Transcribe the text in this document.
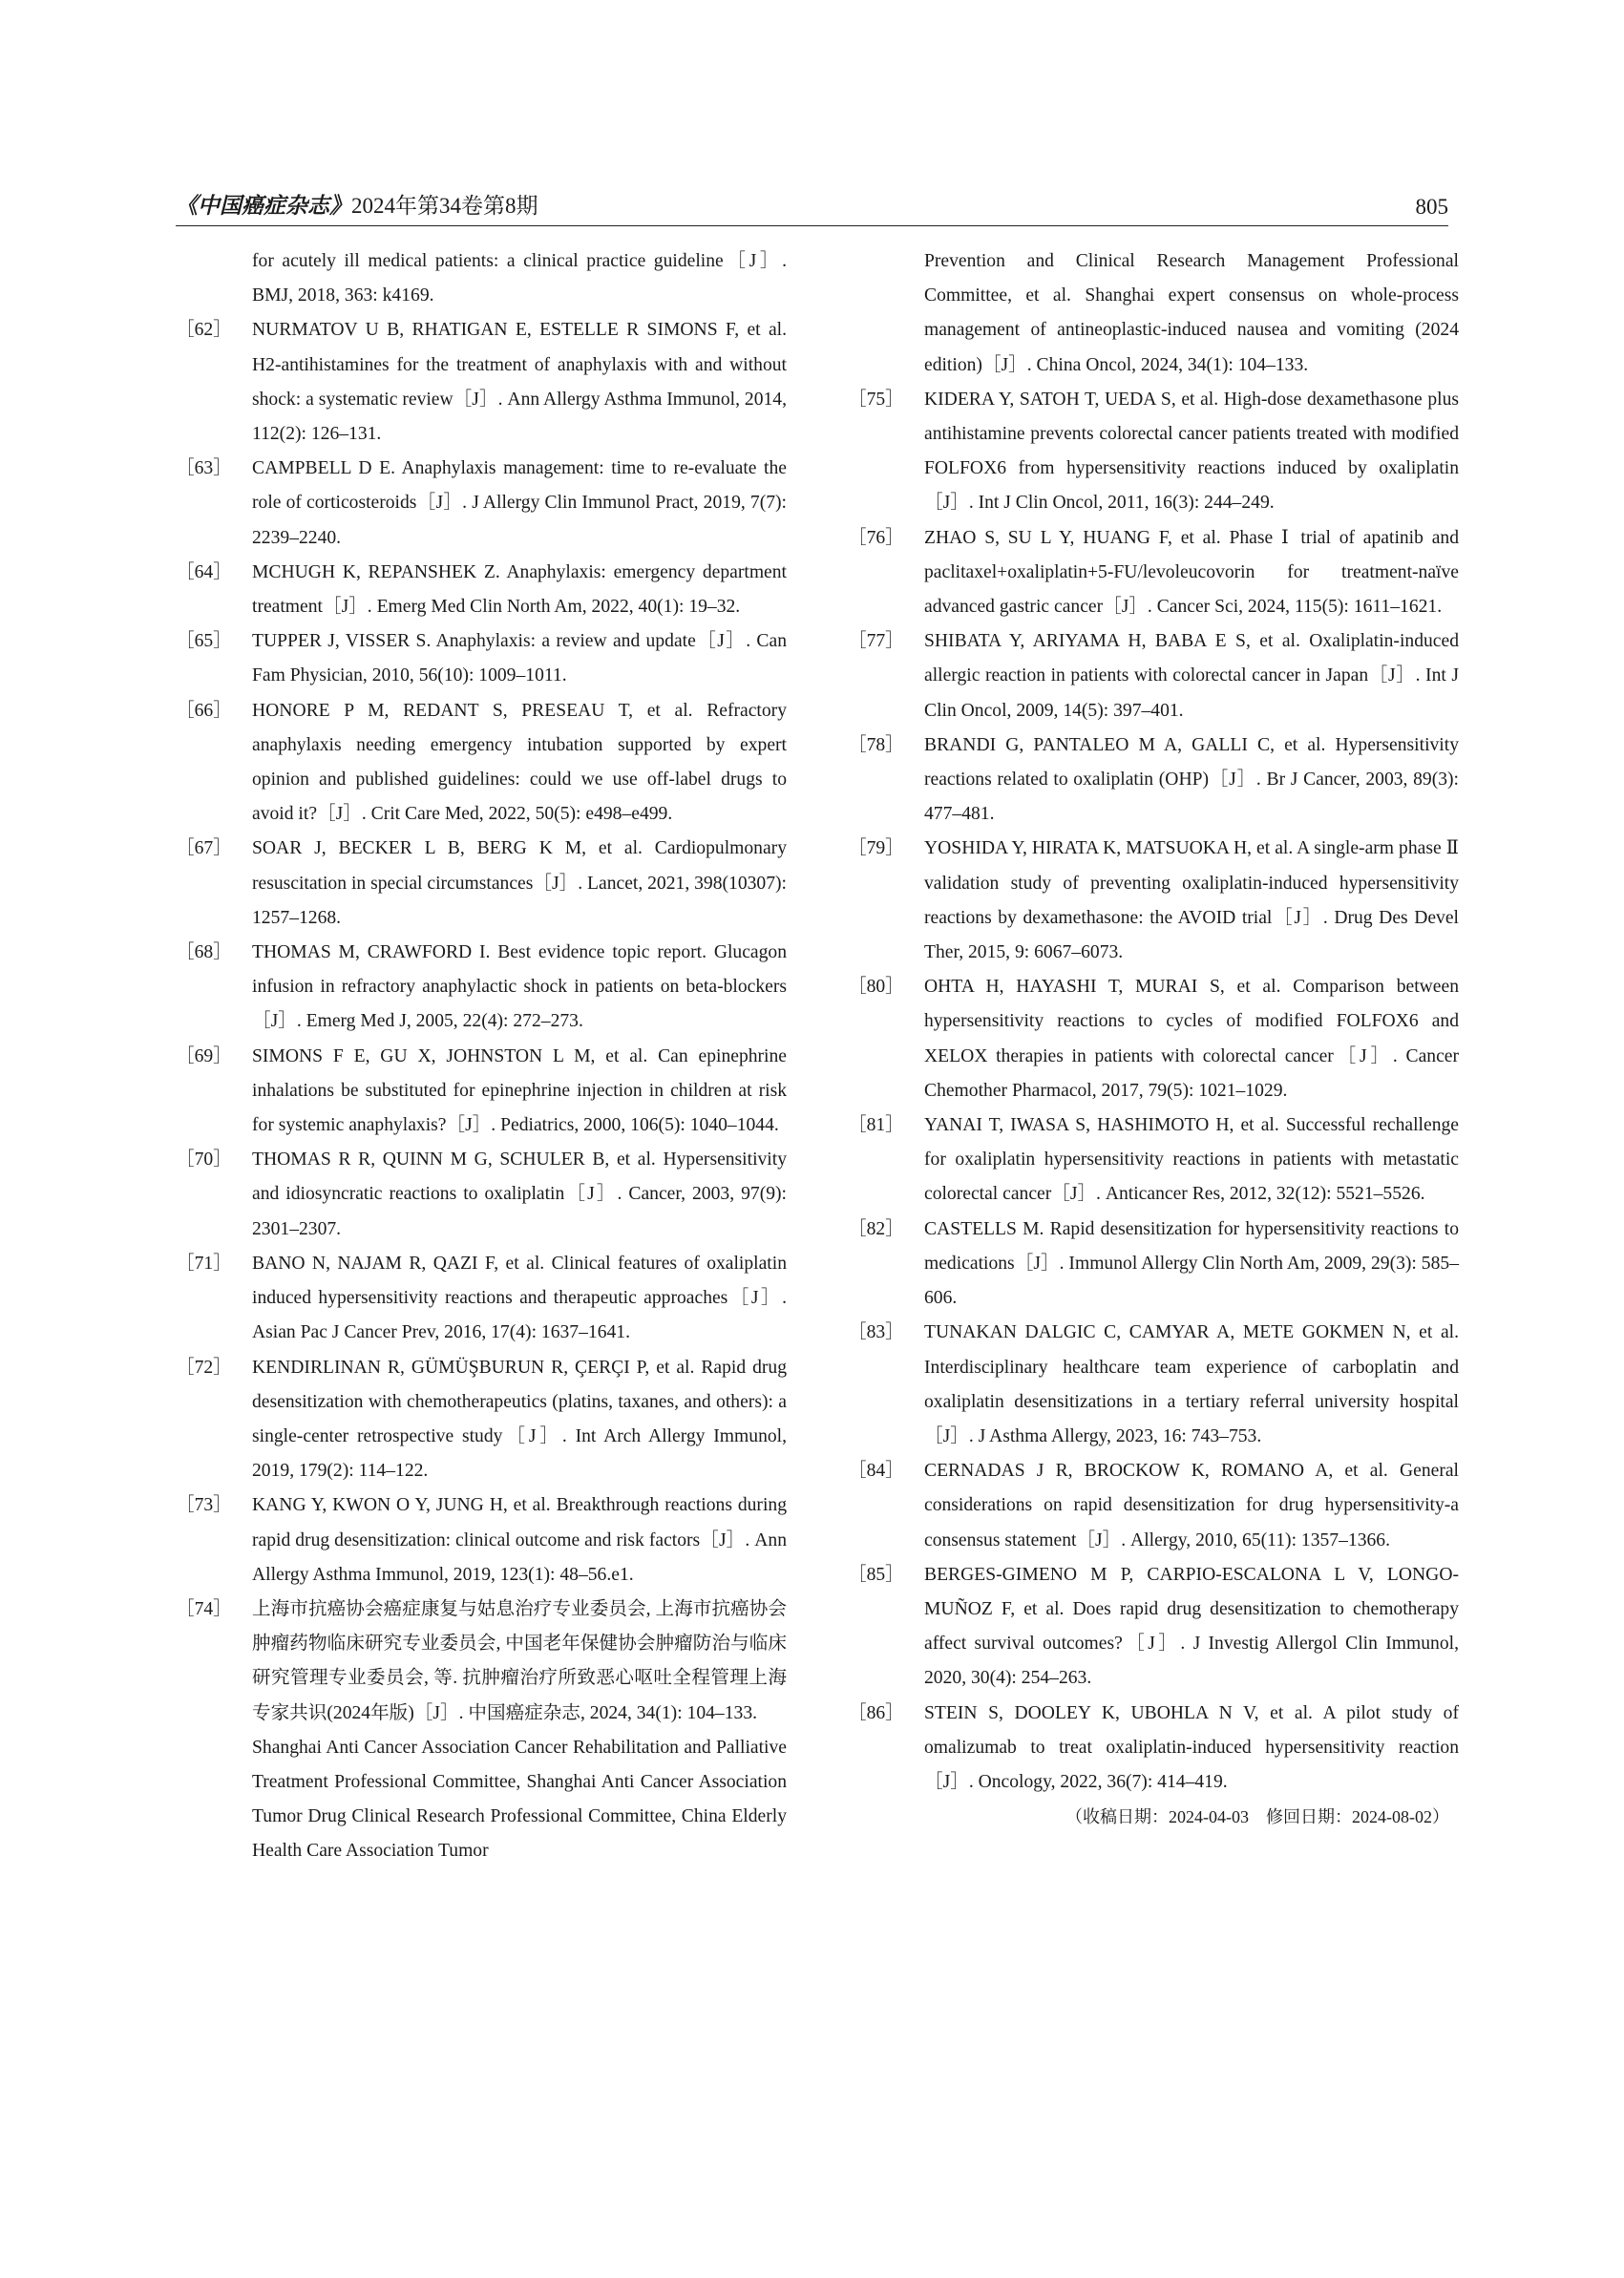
《中国癌症杂志》2024年第34卷第8期	805
for acutely ill medical patients: a clinical practice guideline［J］. BMJ, 2018, 363: k4169.
［62］	NURMATOV U B, RHATIGAN E, ESTELLE R SIMONS F, et al. H2-antihistamines for the treatment of anaphylaxis with and without shock: a systematic review［J］. Ann Allergy Asthma Immunol, 2014, 112(2): 126–131.
［63］	CAMPBELL D E. Anaphylaxis management: time to re-evaluate the role of corticosteroids［J］. J Allergy Clin Immunol Pract, 2019, 7(7): 2239–2240.
［64］	MCHUGH K, REPANSHEK Z. Anaphylaxis: emergency department treatment［J］. Emerg Med Clin North Am, 2022, 40(1): 19–32.
［65］	TUPPER J, VISSER S. Anaphylaxis: a review and update［J］. Can Fam Physician, 2010, 56(10): 1009–1011.
［66］	HONORE P M, REDANT S, PRESEAU T, et al. Refractory anaphylaxis needing emergency intubation supported by expert opinion and published guidelines: could we use off-label drugs to avoid it?［J］. Crit Care Med, 2022, 50(5): e498–e499.
［67］	SOAR J, BECKER L B, BERG K M, et al. Cardiopulmonary resuscitation in special circumstances［J］. Lancet, 2021, 398(10307): 1257–1268.
［68］	THOMAS M, CRAWFORD I. Best evidence topic report. Glucagon infusion in refractory anaphylactic shock in patients on beta-blockers［J］. Emerg Med J, 2005, 22(4): 272–273.
［69］	SIMONS F E, GU X, JOHNSTON L M, et al. Can epinephrine inhalations be substituted for epinephrine injection in children at risk for systemic anaphylaxis?［J］. Pediatrics, 2000, 106(5): 1040–1044.
［70］	THOMAS R R, QUINN M G, SCHULER B, et al. Hypersensitivity and idiosyncratic reactions to oxaliplatin［J］. Cancer, 2003, 97(9): 2301–2307.
［71］	BANO N, NAJAM R, QAZI F, et al. Clinical features of oxaliplatin induced hypersensitivity reactions and therapeutic approaches［J］. Asian Pac J Cancer Prev, 2016, 17(4): 1637–1641.
［72］	KENDIRLINAN R, GÜMÜŞBURUN R, ÇERÇI P, et al. Rapid drug desensitization with chemotherapeutics (platins, taxanes, and others): a single-center retrospective study［J］. Int Arch Allergy Immunol, 2019, 179(2): 114–122.
［73］	KANG Y, KWON O Y, JUNG H, et al. Breakthrough reactions during rapid drug desensitization: clinical outcome and risk factors［J］. Ann Allergy Asthma Immunol, 2019, 123(1): 48–56.e1.
［74］	上海市抗癌协会癌症康复与姑息治疗专业委员会, 上海市抗癌协会肿瘤药物临床研究专业委员会, 中国老年保健协会肿瘤防治与临床研究管理专业委员会, 等. 抗肿瘤治疗所致恶心呕吐全程管理上海专家共识(2024年版)［J］. 中国癌症杂志, 2024, 34(1): 104–133.
Shanghai Anti Cancer Association Cancer Rehabilitation and Palliative Treatment Professional Committee, Shanghai Anti Cancer Association Tumor Drug Clinical Research Professional Committee, China Elderly Health Care Association Tumor
Prevention and Clinical Research Management Professional Committee, et al. Shanghai expert consensus on whole-process management of antineoplastic-induced nausea and vomiting (2024 edition)［J］. China Oncol, 2024, 34(1): 104–133.
［75］	KIDERA Y, SATOH T, UEDA S, et al. High-dose dexamethasone plus antihistamine prevents colorectal cancer patients treated with modified FOLFOX6 from hypersensitivity reactions induced by oxaliplatin［J］. Int J Clin Oncol, 2011, 16(3): 244–249.
［76］	ZHAO S, SU L Y, HUANG F, et al. Phase Ⅰ trial of apatinib and paclitaxel+oxaliplatin+5-FU/levoleucovorin for treatment-naïve advanced gastric cancer［J］. Cancer Sci, 2024, 115(5): 1611–1621.
［77］	SHIBATA Y, ARIYAMA H, BABA E S, et al. Oxaliplatin-induced allergic reaction in patients with colorectal cancer in Japan［J］. Int J Clin Oncol, 2009, 14(5): 397–401.
［78］	BRANDI G, PANTALEO M A, GALLI C, et al. Hypersensitivity reactions related to oxaliplatin (OHP)［J］. Br J Cancer, 2003, 89(3): 477–481.
［79］	YOSHIDA Y, HIRATA K, MATSUOKA H, et al. A single-arm phase Ⅱ validation study of preventing oxaliplatin-induced hypersensitivity reactions by dexamethasone: the AVOID trial［J］. Drug Des Devel Ther, 2015, 9: 6067–6073.
［80］	OHTA H, HAYASHI T, MURAI S, et al. Comparison between hypersensitivity reactions to cycles of modified FOLFOX6 and XELOX therapies in patients with colorectal cancer［J］. Cancer Chemother Pharmacol, 2017, 79(5): 1021–1029.
［81］	YANAI T, IWASA S, HASHIMOTO H, et al. Successful rechallenge for oxaliplatin hypersensitivity reactions in patients with metastatic colorectal cancer［J］. Anticancer Res, 2012, 32(12): 5521–5526.
［82］	CASTELLS M. Rapid desensitization for hypersensitivity reactions to medications［J］. Immunol Allergy Clin North Am, 2009, 29(3): 585–606.
［83］	TUNAKAN DALGIC C, CAMYAR A, METE GOKMEN N, et al. Interdisciplinary healthcare team experience of carboplatin and oxaliplatin desensitizations in a tertiary referral university hospital［J］. J Asthma Allergy, 2023, 16: 743–753.
［84］	CERNADAS J R, BROCKOW K, ROMANO A, et al. General considerations on rapid desensitization for drug hypersensitivity-a consensus statement［J］. Allergy, 2010, 65(11): 1357–1366.
［85］	BERGES-GIMENO M P, CARPIO-ESCALONA L V, LONGO-MUÑOZ F, et al. Does rapid drug desensitization to chemotherapy affect survival outcomes?［J］. J Investig Allergol Clin Immunol, 2020, 30(4): 254–263.
［86］	STEIN S, DOOLEY K, UBOHLA N V, et al. A pilot study of omalizumab to treat oxaliplatin-induced hypersensitivity reaction［J］. Oncology, 2022, 36(7): 414–419.
（收稿日期：2024-04-03　修回日期：2024-08-02）
